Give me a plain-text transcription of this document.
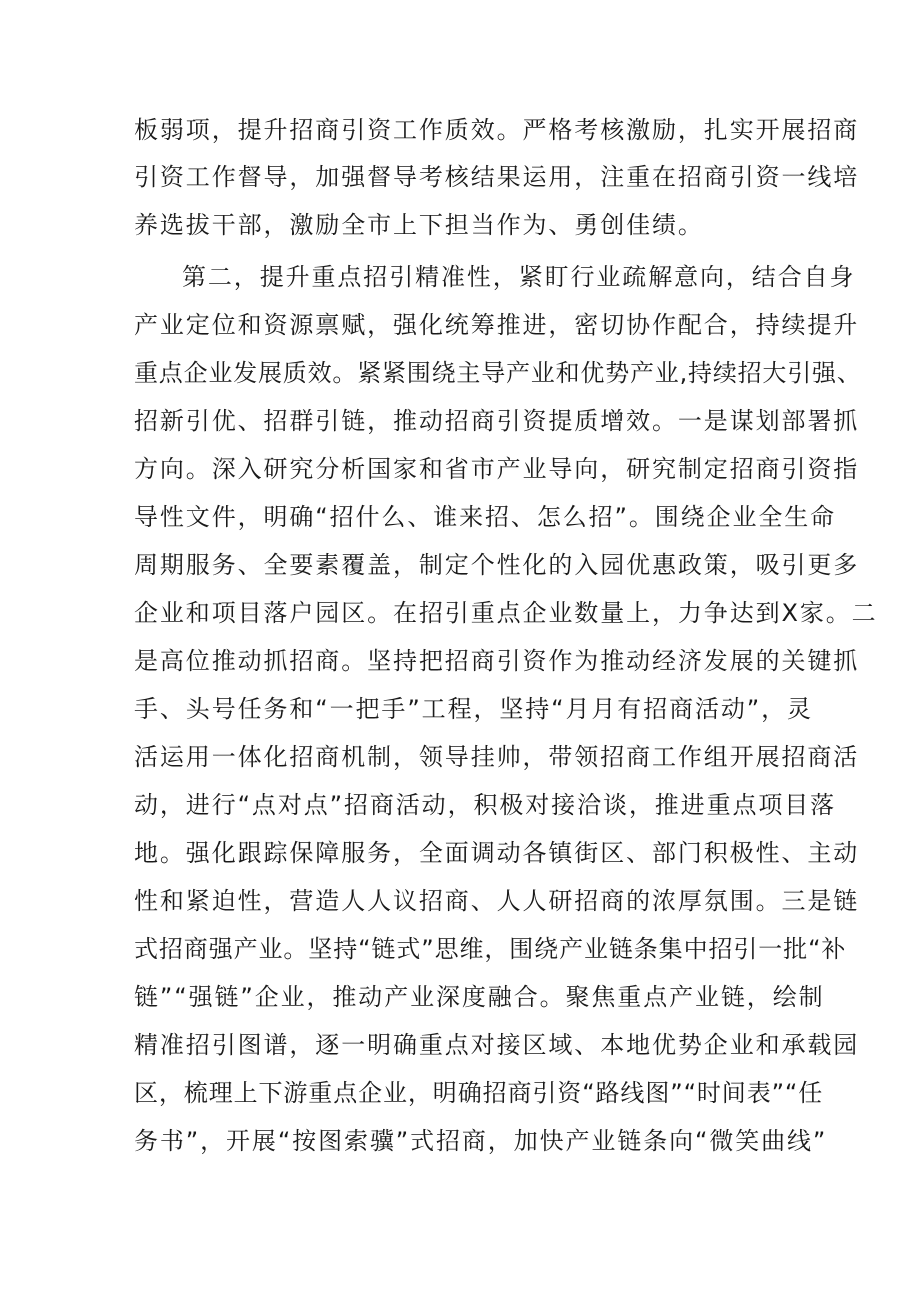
板弱项，提升招商引资工作质效。严格考核激励，扎实开展招商
引资工作督导，加强督导考核结果运用，注重在招商引资一线培
养选拔干部，激励全市上下担当作为、勇创佳绩。
第二，提升重点招引精准性，紧盯行业疏解意向，结合自身
产业定位和资源禀赋，强化统筹推进，密切协作配合，持续提升
重点企业发展质效。紧紧围绕主导产业和优势产业,持续招大引强、
招新引优、招群引链，推动招商引资提质增效。一是谋划部署抓
方向。深入研究分析国家和省市产业导向，研究制定招商引资指
导性文件，明确“招什么、谁来招、怎么招”。围绕企业全生命
周期服务、全要素覆盖，制定个性化的入园优惠政策，吸引更多
企业和项目落户园区。在招引重点企业数量上，力争达到X家。二
是高位推动抓招商。坚持把招商引资作为推动经济发展的关键抓
手、头号任务和“一把手”工程，坚持“月月有招商活动”，灵
活运用一体化招商机制，领导挂帅，带领招商工作组开展招商活
动，进行“点对点”招商活动，积极对接洽谈，推进重点项目落
地。强化跟踪保障服务，全面调动各镇街区、部门积极性、主动
性和紧迫性，营造人人议招商、人人研招商的浓厚氛围。三是链
式招商强产业。坚持“链式”思维，围绕产业链条集中招引一批“补
链”“强链”企业，推动产业深度融合。聚焦重点产业链，绘制
精准招引图谱，逐一明确重点对接区域、本地优势企业和承载园
区，梳理上下游重点企业，明确招商引资“路线图”“时间表”“任
务书”，开展“按图索骥”式招商，加快产业链条向“微笑曲线”
